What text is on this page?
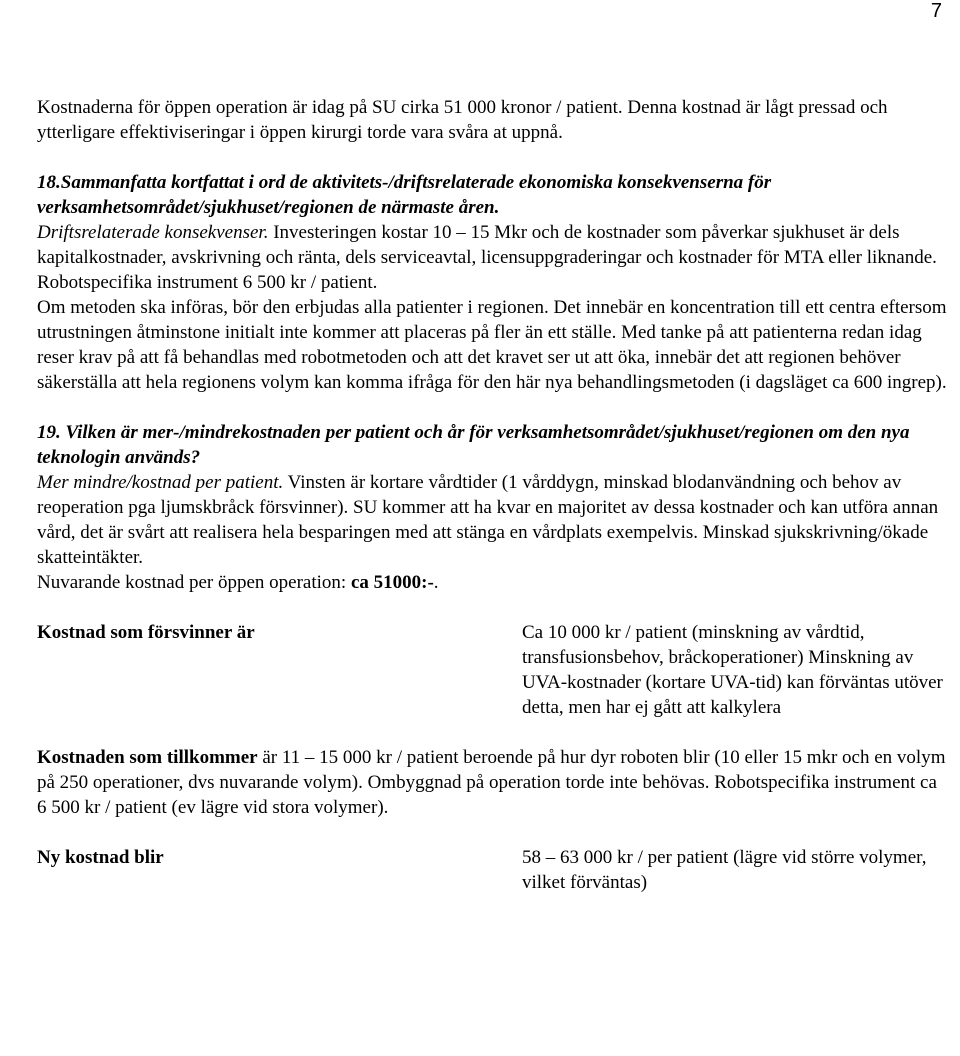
7

Kostnaderna för öppen operation är idag på SU cirka 51 000 kronor / patient. Denna kostnad är lågt pressad och ytterligare effektiviseringar i öppen kirurgi torde vara svåra at uppnå.

18.Sammanfatta kortfattat i ord de aktivitets-/driftsrelaterade ekonomiska konsekvenserna för verksamhetsområdet/sjukhuset/regionen de närmaste åren.

Driftsrelaterade konsekvenser. Investeringen kostar 10 – 15 Mkr och de kostnader som påverkar sjukhuset är dels kapitalkostnader, avskrivning och ränta, dels serviceavtal, licensuppgraderingar och kostnader för MTA eller liknande. Robotspecifika instrument 6 500 kr / patient.

Om metoden ska införas, bör den erbjudas alla patienter i regionen. Det innebär en koncentration till ett centra eftersom utrustningen åtminstone initialt inte kommer att placeras på fler än ett ställe. Med tanke på att patienterna redan idag reser krav på att få behandlas med robotmetoden och att det kravet ser ut att öka, innebär det att regionen behöver säkerställa att hela regionens volym kan komma ifråga för den här nya behandlingsmetoden (i dagsläget ca 600 ingrep).

19. Vilken är mer-/mindrekostnaden per patient och år för verksamhetsområdet/sjukhuset/regionen om den nya teknologin används?

Mer mindre/kostnad per patient. Vinsten är kortare vårdtider (1 vårddygn, minskad blodanvändning och behov av reoperation pga ljumskbråck försvinner). SU kommer att ha kvar en majoritet av dessa kostnader och kan utföra annan vård, det är svårt att realisera hela besparingen med att stänga en vårdplats exempelvis. Minskad sjukskrivning/ökade skatteintäkter.

Nuvarande kostnad per öppen operation: ca 51000:-.

Kostnad som försvinner är	Ca 10 000 kr / patient (minskning av vårdtid, transfusionsbehov, bråckoperationer) Minskning av UVA-kostnader (kortare UVA-tid) kan förväntas utöver detta, men har ej gått att kalkylera

Kostnaden som tillkommer är 11 – 15 000 kr / patient beroende på hur dyr roboten blir (10 eller 15 mkr och en volym på 250 operationer, dvs nuvarande volym). Ombyggnad på operation torde inte behövas. Robotspecifika instrument ca 6 500 kr / patient (ev lägre vid stora volymer).

Ny kostnad blir	58 – 63 000 kr / per patient (lägre vid större volymer, vilket förväntas)
